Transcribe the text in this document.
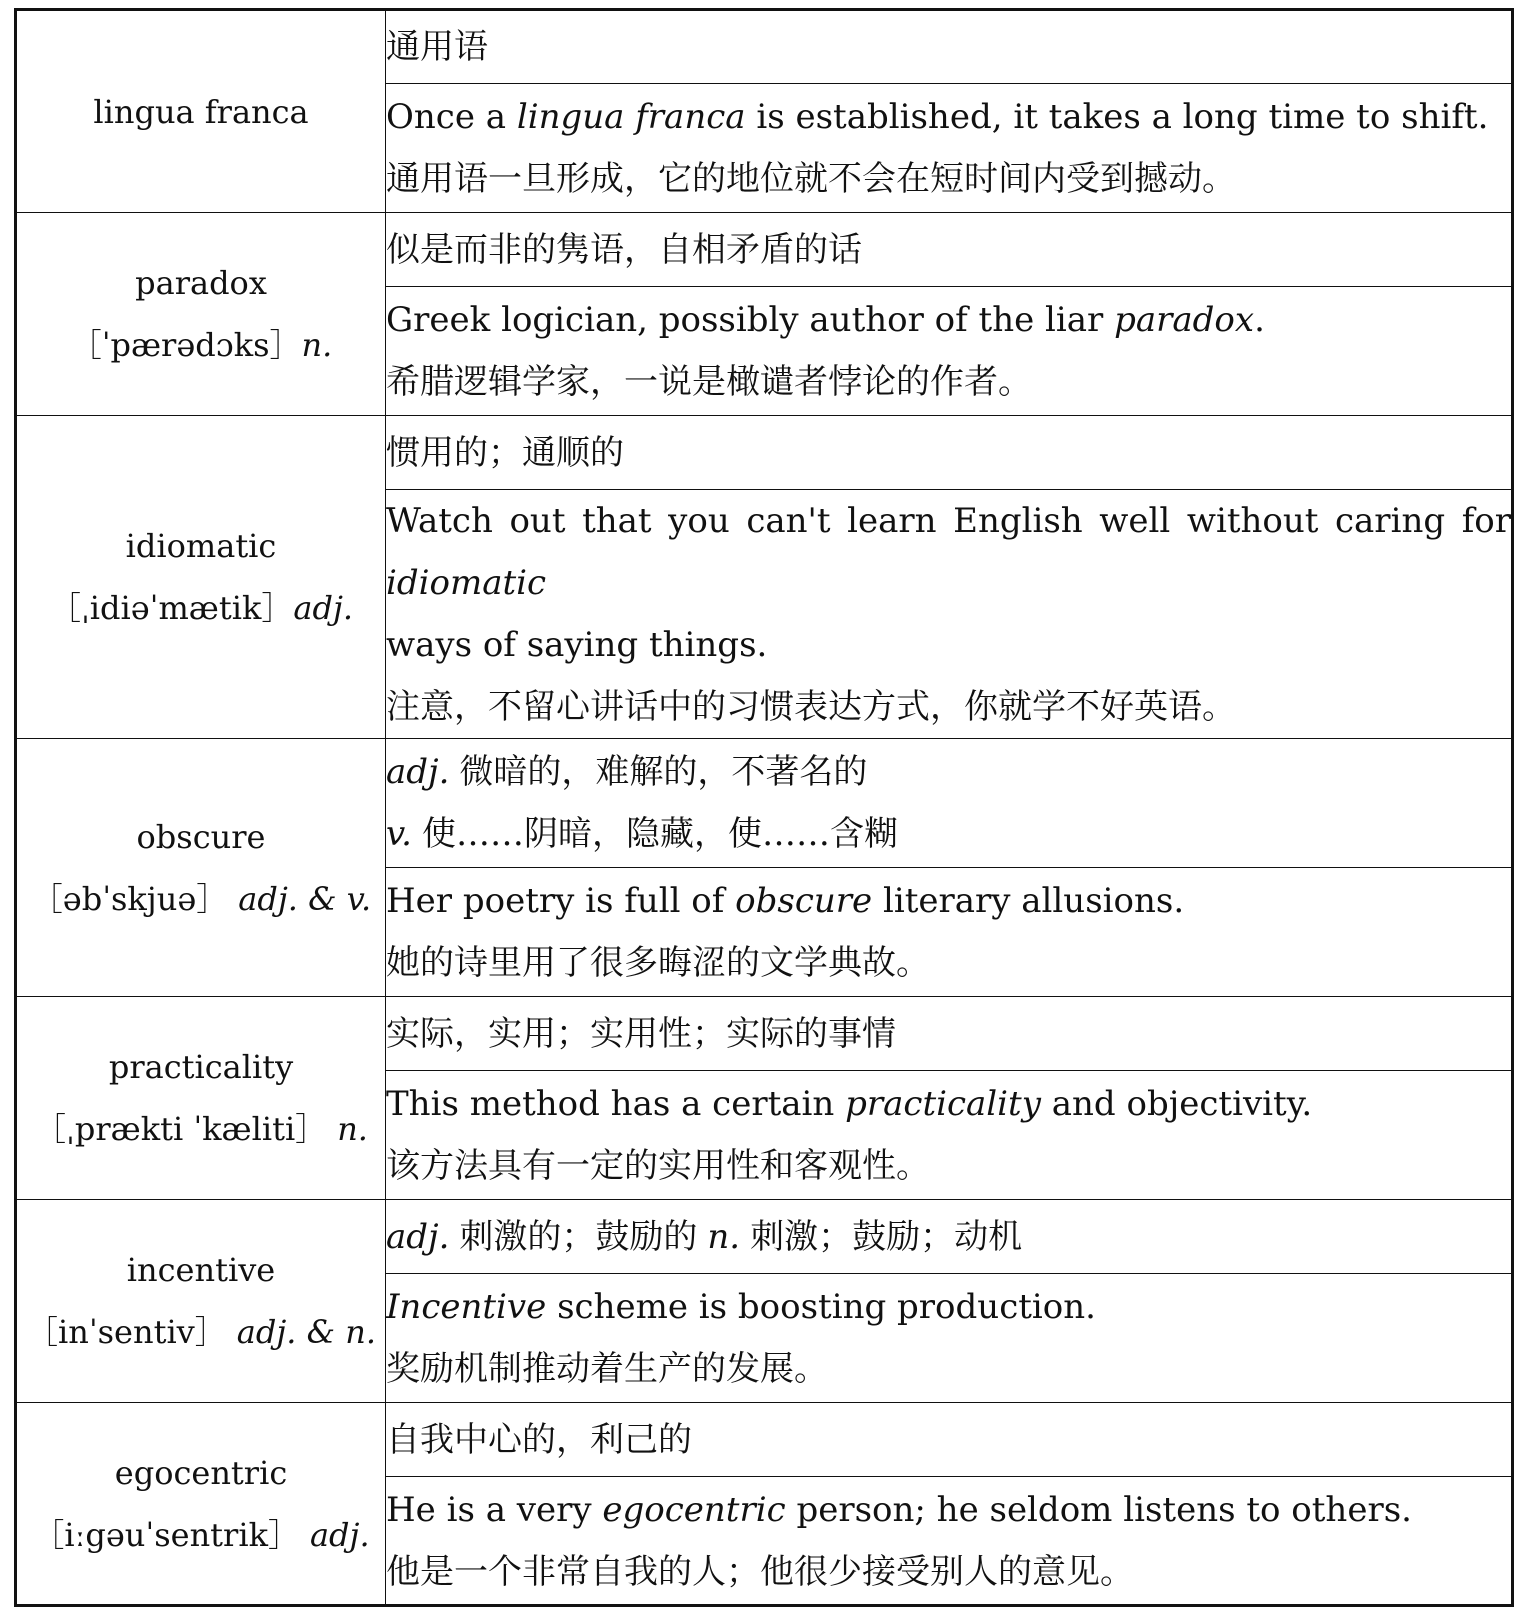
lingua franca	通用语

	Once a lingua franca is established, it takes a long time to shift.
通用语一旦形成，它的地位就不会在短时间内受到撼动。

paradox
［ˈpærədɔks］n.	似是而非的隽语，自相矛盾的话

	Greek logician, possibly author of the liar paradox.
希腊逻辑学家，一说是橄谴者悖论的作者。

idiomatic
［ˌidiəˈmætik］adj.	惯用的；通顺的

	Watch out that you can't learn English well without caring for idiomatic
ways of saying things.
注意，不留心讲话中的习惯表达方式，你就学不好英语。

obscure
［əbˈskjuə］ adj. & v.	adj. 微暗的，难解的，不著名的
v. 使……阴暗，隐藏，使……含糊

	Her poetry is full of obscure literary allusions.
她的诗里用了很多晦涩的文学典故。

practicality
［ˌprækti ˈkæliti］ n.	实际，实用；实用性；实际的事情

	This method has a certain practicality and objectivity.
该方法具有一定的实用性和客观性。

incentive
［inˈsentiv］ adj. & n.	adj. 刺激的；鼓励的 n. 刺激；鼓励；动机

	Incentive scheme is boosting production.
奖励机制推动着生产的发展。

egocentric
［iːgəuˈsentrik］ adj.	自我中心的，利己的

	He is a very egocentric person; he seldom listens to others.
他是一个非常自我的人；他很少接受别人的意见。
